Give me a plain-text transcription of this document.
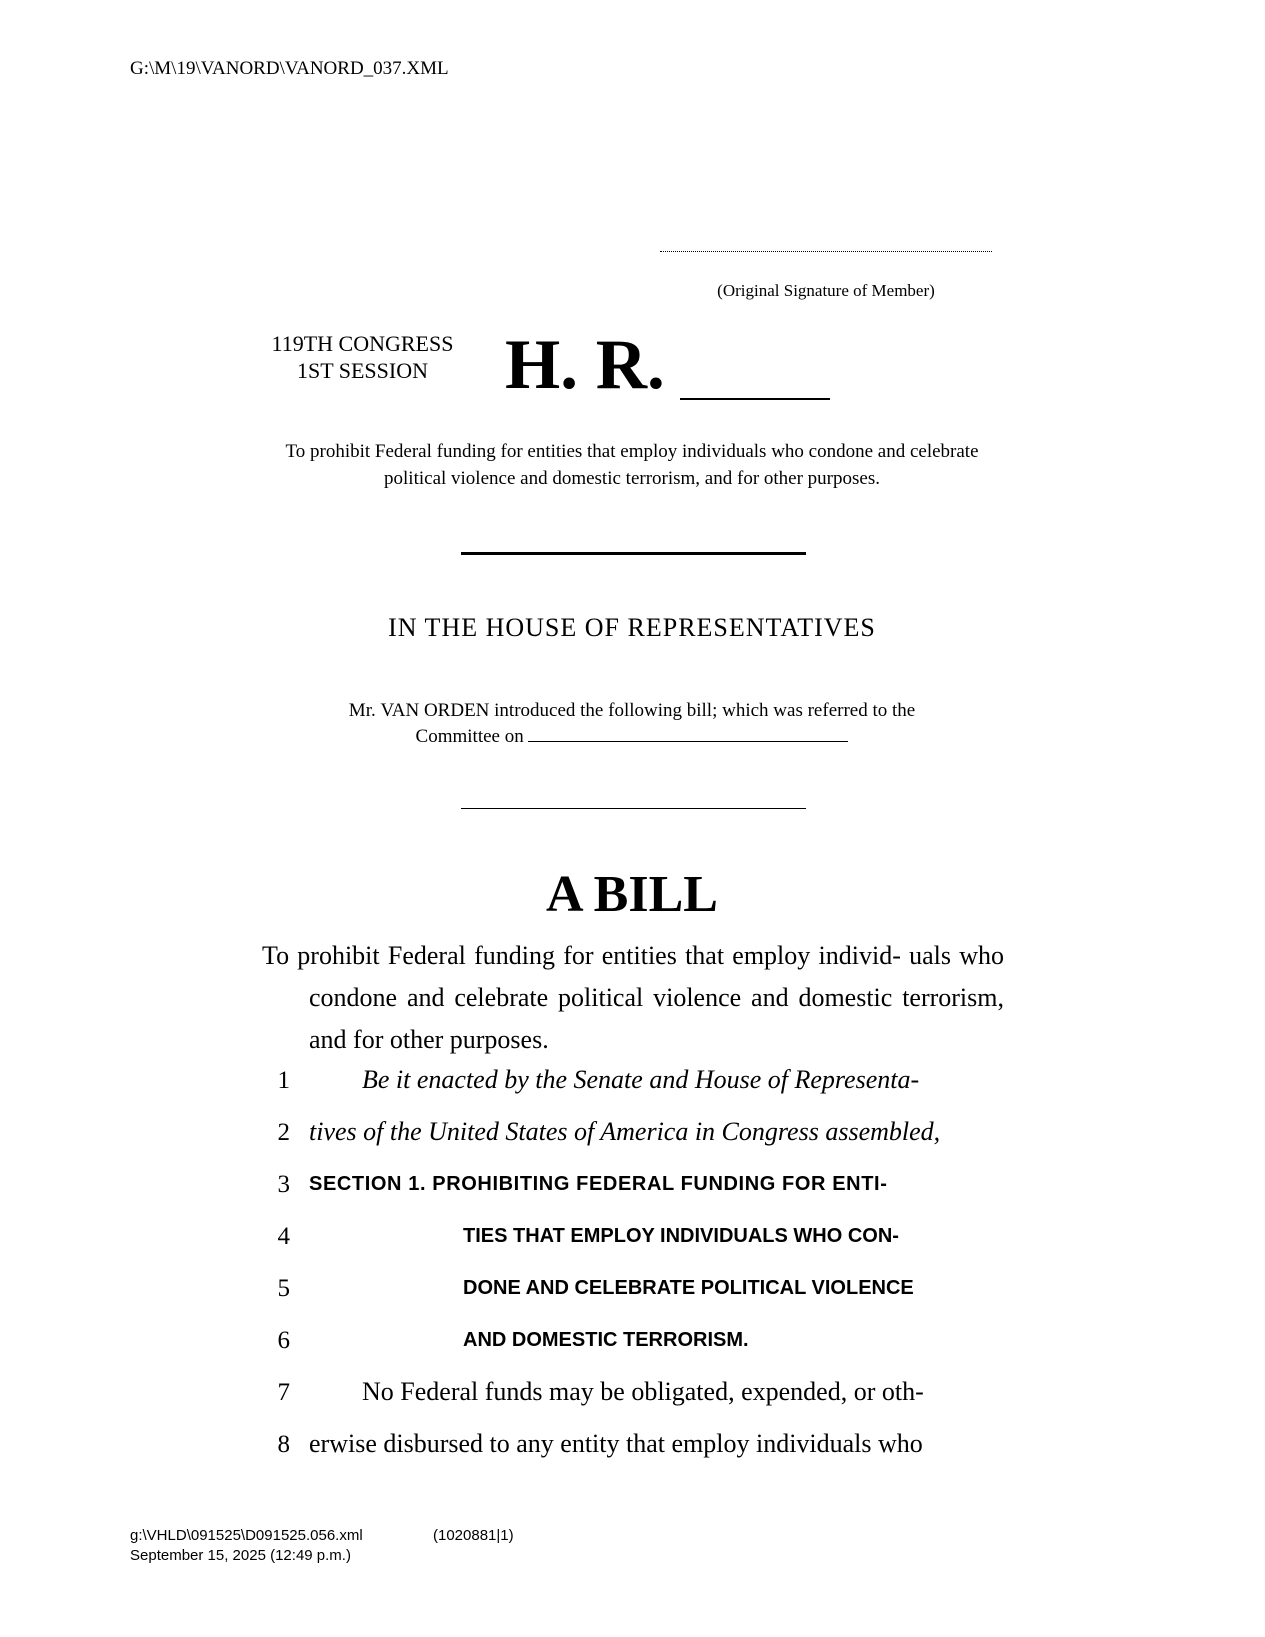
G:\M\19\VANORD\VANORD_037.XML
(Original Signature of Member)
119TH CONGRESS
1ST SESSION	H. R.
To prohibit Federal funding for entities that employ individuals who condone and celebrate political violence and domestic terrorism, and for other purposes.
IN THE HOUSE OF REPRESENTATIVES
Mr. VAN ORDEN introduced the following bill; which was referred to the
Committee on
A BILL
To prohibit Federal funding for entities that employ individ- uals who condone and celebrate political violence and domestic terrorism, and for other purposes.
1	Be it enacted by the Senate and House of Representa-
2 tives of the United States of America in Congress assembled,
3 SECTION 1. PROHIBITING FEDERAL FUNDING FOR ENTI-
4	TIES THAT EMPLOY INDIVIDUALS WHO CON-
5	DONE AND CELEBRATE POLITICAL VIOLENCE
6	AND DOMESTIC TERRORISM.
7	No Federal funds may be obligated, expended, or oth-
8 erwise disbursed to any entity that employ individuals who
g:\VHLD\091525\D091525.056.xml	(1020881|1)
September 15, 2025 (12:49 p.m.)
